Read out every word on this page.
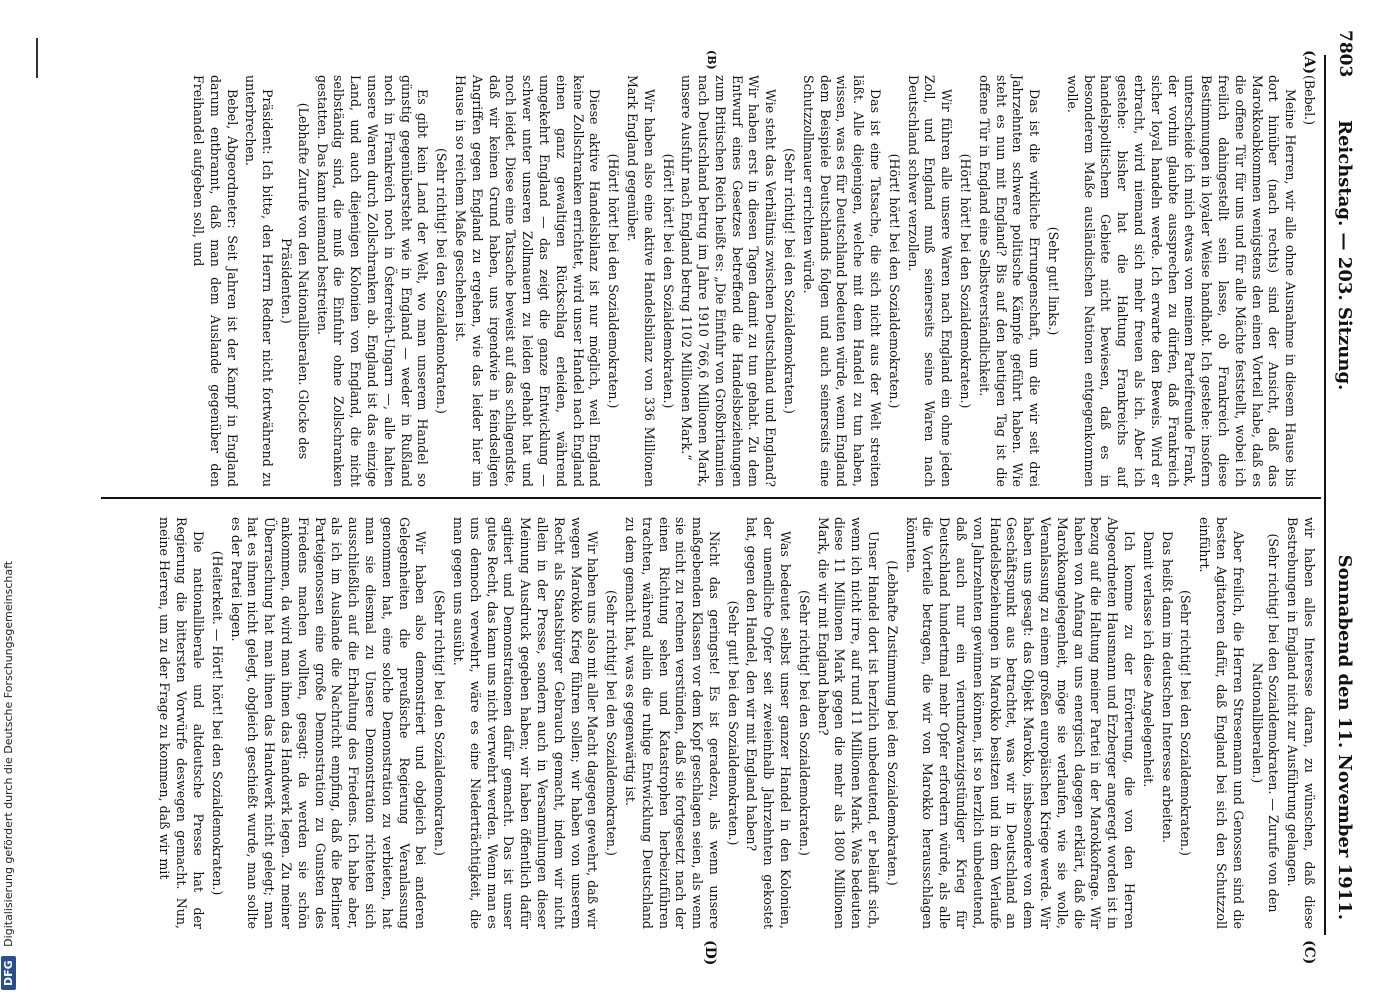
7803
Reichstag. — 203. Sitzung.
Sonnabend den 11. November 1911.
(A)
(B)
(C)
(D)

(Bebel.)

Meine Herren, wir alle ohne Ausnahme in diesem Hause bis dort hinüber (nach rechts) sind der Ansicht, daß das Marokkoabkommen wenigstens den einen Vorteil habe, daß es die offene Tür für uns und für alle Mächte feststellt, wobei ich freilich dahingestellt sein lasse, ob Frankreich diese Bestimmungen in loyaler Weise handhabt. Ich gestehe: insofern unterscheide ich mich etwas von meinem Parteifreunde Frank, der vorhin glaubte aussprechen zu dürfen, daß Frankreich sicher loyal handeln werde. Ich erwarte den Beweis. Wird er erbracht, wird niemand sich mehr freuen als ich. Aber ich gestehe: bisher hat die Haltung Frankreichs auf handelspolitischem Gebiete nicht bewiesen, daß es in besonderem Maße ausländischen Nationen entgegenkommen wolle.

(Sehr gut! links.)

Das ist die wirkliche Errungenschaft, um die wir seit drei Jahrzehnten schwere politische Kämpfe geführt haben. Wie steht es nun mit England? Bis auf den heutigen Tag ist die offene Tür in England eine Selbstverständlichkeit.

(Hört! hört! bei den Sozialdemokraten.)

Wir führen alle unsere Waren nach England ein ohne jeden Zoll, und England muß seinerseits seine Waren nach Deutschland schwer verzollen.

(Hört! hört! bei den Sozialdemokraten.)

Das ist eine Tatsache, die sich nicht aus der Welt streiten läßt. Alle diejenigen, welche mit dem Handel zu tun haben, wissen, was es für Deutschland bedeuten würde, wenn England dem Beispiele Deutschlands folgen und auch seinerseits eine Schutzzollmauer errichten würde.

(Sehr richtig! bei den Sozialdemokraten.)

Wie steht das Verhältnis zwischen Deutschland und England? Wir haben erst in diesen Tagen damit zu tun gehabt. Zu dem Entwurf eines Gesetzes betreffend die Handelsbeziehungen zum Britischen Reich heißt es: „Die Einfuhr von Großbritannien nach Deutschland betrug im Jahre 1910 766,6 Millionen Mark, unsere Ausfuhr nach England betrug 1102 Millionen Mark.“

(Hört! hört! bei den Sozialdemokraten.)

Wir haben also eine aktive Handelsbilanz von 336 Millionen Mark England gegenüber.

(Hört! hört! bei den Sozialdemokraten.)

Diese aktive Handelsbilanz ist nur möglich, weil England keine Zollschranken errichtet, wird unser Handel nach England einen ganz gewaltigen Rückschlag erleiden, während umgekehrt England — das zeigt die ganze Entwicklung — schwer unter unseren Zollmauern zu leiden gehabt hat und noch leidet. Diese eine Tatsache beweist auf das schlagendste, daß wir keinen Grund haben, uns irgendwie in feindseligen Angriffen gegen England zu ergehen, wie das leider hier im Hause in so reichem Maße geschehen ist.

(Sehr richtig! bei den Sozialdemokraten.)

Es gibt kein Land der Welt, wo man unserem Handel so günstig gegenübersteht wie in England — weder in Rußland noch in Frankreich noch in Österreich-Ungarn —, alle halten unsere Waren durch Zollschranken ab. England ist das einzige Land, und auch diejenigen Kolonien von England, die nicht selbständig sind, die muß die Einfuhr ohne Zollschranken gestatten. Das kann niemand bestreiten.

(Lebhafte Zurufe von den Nationalliberalen. Glocke des Präsidenten.)

Präsident: Ich bitte, den Herrn Redner nicht fortwährend zu unterbrechen.

Bebel, Abgeordneter: Seit Jahren ist der Kampf in England darum entbrannt, daß man dem Auslande gegenüber den Freihandel aufgeben soll, und

wir haben alles Interesse daran, zu wünschen, daß diese Bestrebungen in England nicht zur Ausführung gelangen.

(Sehr richtig! bei den Sozialdemokraten. — Zurufe von den Nationalliberalen.)

Aber freilich, die Herren Stresemann und Genossen sind die besten Agitatoren dafür, daß England bei sich den Schutzzoll einführt.

(Sehr richtig! bei den Sozialdemokraten.)

Das heißt dann im deutschen Interesse arbeiten.

Damit verlasse ich diese Angelegenheit.

Ich komme zu der Erörterung, die von den Herren Abgeordneten Hausmann und Erzberger angeregt worden ist in bezug auf die Haltung meiner Partei in der Marokkofrage. Wir haben von Anfang an uns energisch dagegen erklärt, daß die Marokkoangelegenheit, möge sie verlaufen, wie sie wolle, Veranlassung zu einem großen europäischen Kriege werde. Wir haben uns gesagt: das Objekt Marokko, insbesondere von dem Geschäftspunkt aus betrachtet, was wir in Deutschland an Handelsbeziehungen in Marokko besitzen und in dem Verlaufe von Jahrzehnten gewinnen können, ist so herzlich unbedeutend, daß auch nur ein vierundzwanzigstündiger Krieg für Deutschland hundertmal mehr Opfer erfordern würde, als alle die Vorteile betragen, die wir von Marokko herausschlagen könnten.

(Lebhafte Zustimmung bei den Sozialdemokraten.)

Unser Handel dort ist herzlich unbedeutend, er beläuft sich, wenn ich nicht irre, auf rund 11 Millionen Mark. Was bedeuten diese 11 Millionen Mark gegen die mehr als 1800 Millionen Mark, die wir mit England haben?

(Sehr richtig! bei den Sozialdemokraten.)

Was bedeutet selbst unser ganzer Handel in den Kolonien, der unendliche Opfer seit zweieinhalb Jahrzehnten gekostet hat, gegen den Handel, den wir mit England haben?

(Sehr gut! bei den Sozialdemokraten.)

Nicht das geringste! Es ist geradezu, als wenn unsere maßgebenden Klassen vor dem Kopf geschlagen seien, als wenn sie nicht zu rechnen verstünden, daß sie fortgesetzt nach der einen Richtung sehen und Katastrophen herbeizuführen trachten, während allein die ruhige Entwicklung Deutschland zu dem gemacht hat, was es gegenwärtig ist.

(Sehr richtig! bei den Sozialdemokraten.)

Wir haben uns also mit aller Macht dagegen gewehrt, daß wir wegen Marokko Krieg führen sollen; wir haben von unserem Recht als Staatsbürger Gebrauch gemacht, indem wir nicht allein in der Presse, sondern auch in Versammlungen dieser Meinung Ausdruck gegeben haben; wir haben öffentlich dafür agitiert und Demonstrationen dafür gemacht. Das ist unser gutes Recht, das kann uns nicht verwehrt werden. Wenn man es uns dennoch verwehrt, wäre es eine Niederträchtigkeit, die man gegen uns ausübt.

(Sehr richtig! bei den Sozialdemokraten.)

Wir haben also demonstriert und obgleich bei anderen Gelegenheiten die preußische Regierung Veranlassung genommen hat, eine solche Demonstration zu verbieten, hat man sie diesmal zu Unsere Demonstration richteten sich ausschließlich auf die Erhaltung des Friedens. Ich habe aber, als ich im Auslande die Nachricht empfing, daß die Berliner Parteigenossen eine große Demonstration zu Gunsten des Friedens machen wollten, gesagt: da werden sie schön ankommen, da wird man ihnen das Handwerk legen. Zu meiner Überraschung hat man ihnen das Handwerk nicht gelegt; man hat es ihnen nicht gelegt, obgleich geschießt wurde, man sollte es der Partei legen.

(Heiterkeit. — Hört! hört! bei den Sozialdemokraten.)

Die nationalliberale und altdeutsche Presse hat der Regierung die bittersten Vorwürfe deswegen gemacht. Nun, meine Herren, um zu der Frage zu kommen, daß wir mit

DFG Digitalisierung gefördert durch die Deutsche Forschungsgemeinschaft
